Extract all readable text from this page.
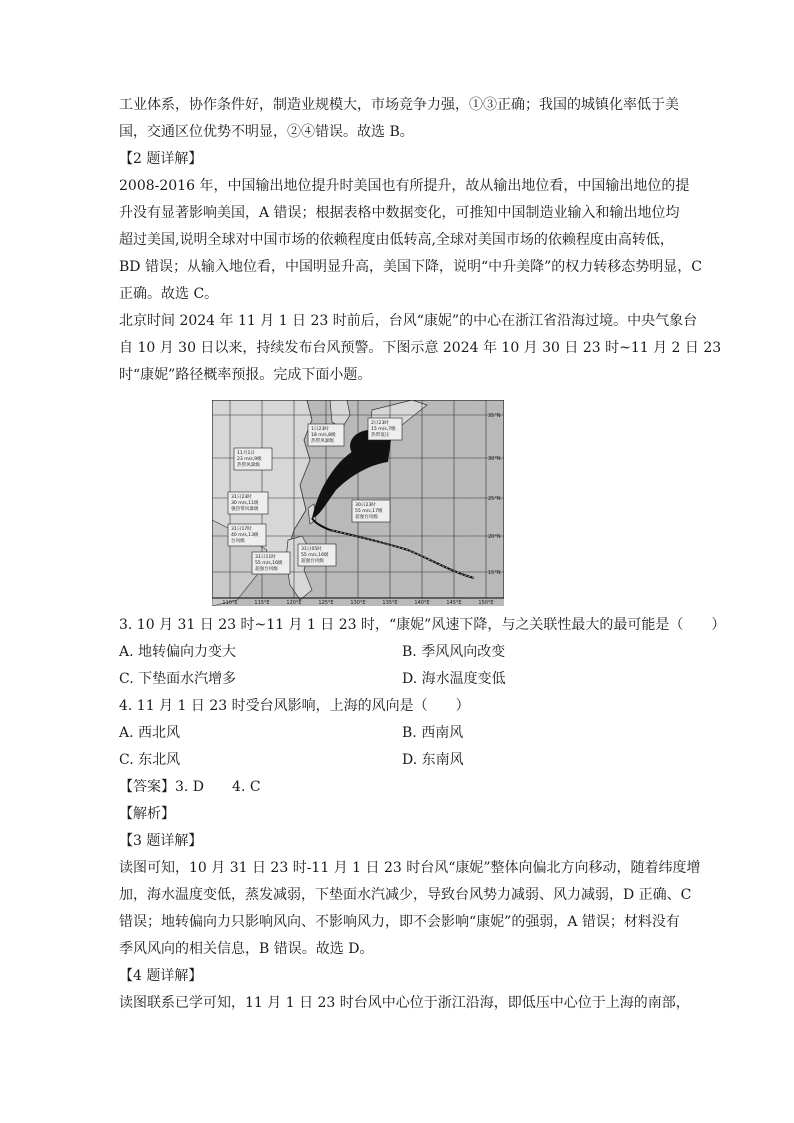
工业体系，协作条件好，制造业规模大，市场竞争力强，①③正确；我国的城镇化率低于美
国，交通区位优势不明显，②④错误。故选 B。
【2 题详解】
2008-2016 年，中国输出地位提升时美国也有所提升，故从输出地位看，中国输出地位的提
升没有显著影响美国，A 错误；根据表格中数据变化，可推知中国制造业输入和输出地位均
超过美国,说明全球对中国市场的依赖程度由低转高,全球对美国市场的依赖程度由高转低，
BD 错误；从输入地位看，中国明显升高，美国下降，说明“中升美降”的权力转移态势明显，C
正确。故选 C。
北京时间 2024 年 11 月 1 日 23 时前后，台风“康妮”的中心在浙江省沿海过境。中央气象台
自 10 月 30 日以来，持续发布台风预警。下图示意 2024 年 10 月 30 日 23 时~11 月 2 日 23
时“康妮”路径概率预报。完成下面小题。
11月1日
23 m/s,9级
热带风暴级
31日23时
30 m/s,11级
强热带风暴级
31日17时
40 m/s,13级
台风级
31日11时
55 m/s,16级
超强台风级
1日23时
18 m/s,8级
热带风暴级
2日23时
15 m/s,7级
热带低压
30日23时
55 m/s,17级
超强台风级
31日05时
55 m/s,16级
超强台风级
35°N
30°N
25°N
20°N
15°N
110°E	115°E	120°E	125°E	130°E	135°E	140°E	145°E	150°E
3. 10 月 31 日 23 时~11 月 1 日 23 时，“康妮”风速下降，与之关联性最大的最可能是（　　）
A. 地转偏向力变大	B. 季风风向改变
C. 下垫面水汽增多	D. 海水温度变低
4. 11 月 1 日 23 时受台风影响，上海的风向是（　　）
A. 西北风	B. 西南风
C. 东北风	D. 东南风
【答案】3. D　　4. C
【解析】
【3 题详解】
读图可知，10 月 31 日 23 时-11 月 1 日 23 时台风“康妮”整体向偏北方向移动，随着纬度增
加，海水温度变低，蒸发减弱，下垫面水汽减少，导致台风势力减弱、风力减弱，D 正确、C
错误；地转偏向力只影响风向、不影响风力，即不会影响“康妮”的强弱，A 错误；材料没有
季风风向的相关信息，B 错误。故选 D。
【4 题详解】
读图联系已学可知，11 月 1 日 23 时台风中心位于浙江沿海，即低压中心位于上海的南部，
